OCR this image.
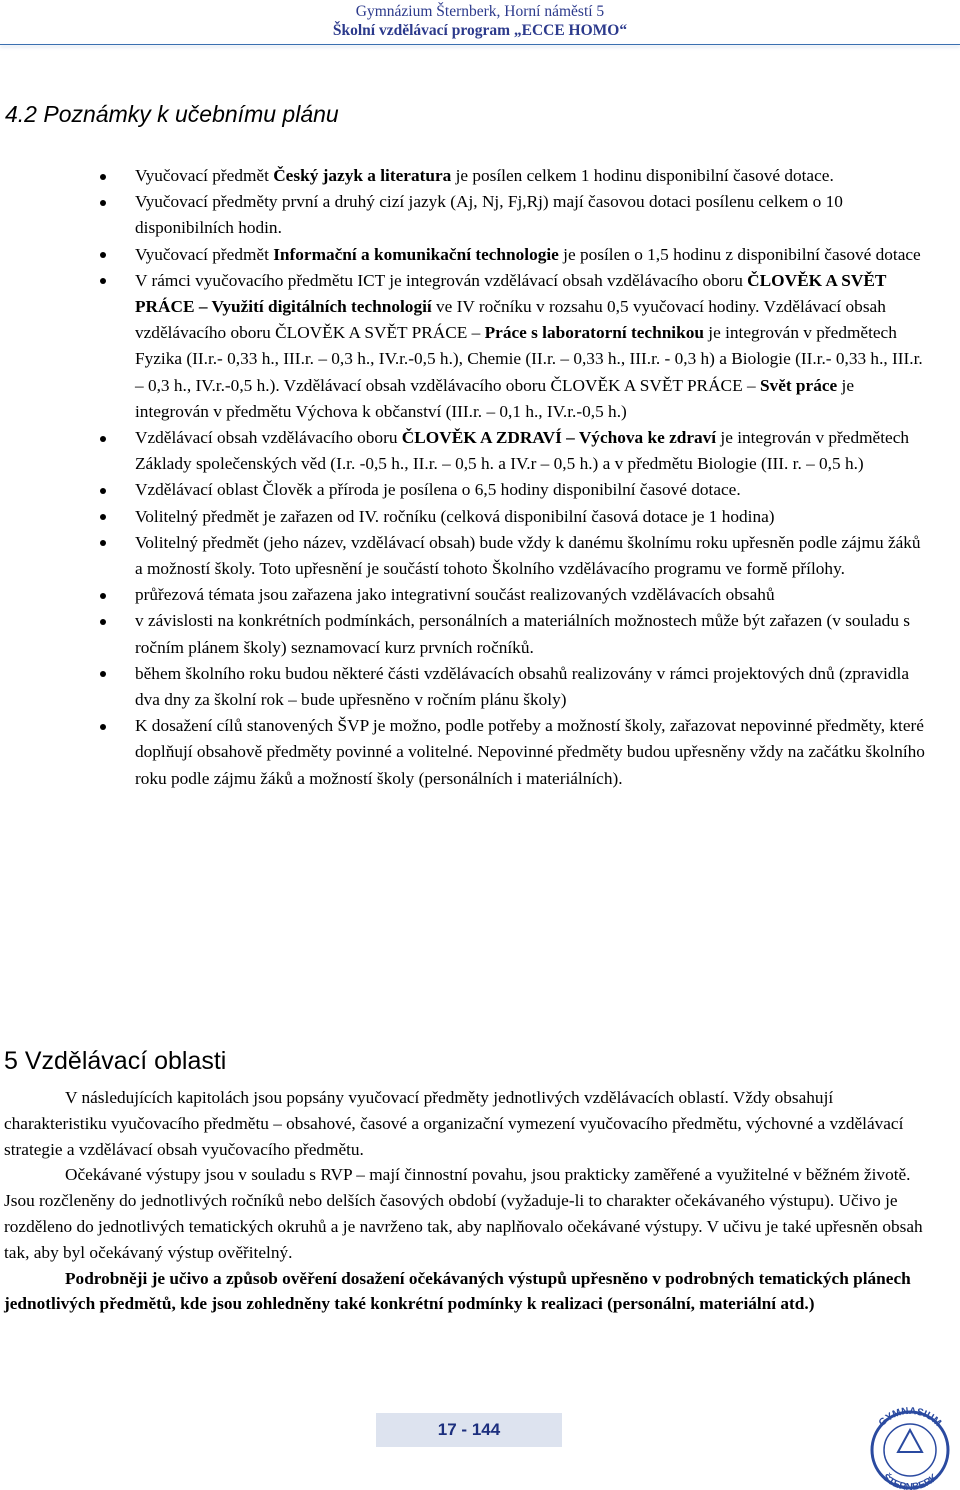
Gymnázium Šternberk, Horní náměstí 5
Školní vzdělávací program „ECCE HOMO“
4.2 Poznámky k učebnímu plánu
Vyučovací předmět Český jazyk a literatura je posílen celkem 1 hodinu disponibilní časové dotace.
Vyučovací předměty první a druhý cizí jazyk (Aj, Nj, Fj,Rj) mají časovou dotaci posílenu celkem o 10 disponibilních hodin.
Vyučovací předmět Informační a komunikační technologie je posílen o 1,5 hodinu z disponibilní časové dotace
V rámci vyučovacího předmětu ICT je integrován vzdělávací obsah vzdělávacího oboru ČLOVĚK A SVĚT PRÁCE – Využití digitálních technologií ve IV ročníku v rozsahu 0,5 vyučovací hodiny. Vzdělávací obsah vzdělávacího oboru ČLOVĚK A SVĚT PRÁCE – Práce s laboratorní technikou je integrován v předmětech Fyzika (II.r.- 0,33 h., III.r. – 0,3 h., IV.r.-0,5 h.), Chemie (II.r. – 0,33 h., III.r. - 0,3 h) a Biologie (II.r.- 0,33 h., III.r. – 0,3 h., IV.r.-0,5 h.). Vzdělávací obsah vzdělávacího oboru ČLOVĚK A SVĚT PRÁCE – Svět práce je integrován v předmětu Výchova k občanství (III.r. – 0,1 h., IV.r.-0,5 h.)
Vzdělávací obsah vzdělávacího oboru ČLOVĚK A ZDRAVÍ – Výchova ke zdraví je integrován v předmětech Základy společenských věd (I.r. -0,5 h., II.r. – 0,5 h. a IV.r – 0,5 h.) a v předmětu Biologie (III. r. – 0,5 h.)
Vzdělávací oblast Člověk a příroda je posílena o 6,5 hodiny disponibilní časové dotace.
Volitelný předmět je zařazen od IV. ročníku (celková disponibilní časová dotace je 1 hodina)
Volitelný předmět (jeho název, vzdělávací obsah) bude vždy k danému školnímu roku upřesněn podle zájmu žáků a možností školy. Toto upřesnění je součástí tohoto Školního vzdělávacího programu ve formě přílohy.
průřezová témata jsou zařazena jako integrativní součást realizovaných vzdělávacích obsahů
v závislosti na konkrétních podmínkách, personálních a materiálních možnostech může být zařazen (v souladu s ročním plánem školy) seznamovací kurz prvních ročníků.
během školního roku budou některé části vzdělávacích obsahů realizovány v rámci projektových dnů (zpravidla dva dny za školní rok – bude upřesněno v ročním plánu školy)
K dosažení cílů stanovených ŠVP je možno, podle potřeby a možností školy, zařazovat nepovinné předměty, které doplňují obsahově předměty povinné a volitelné. Nepovinné předměty budou upřesněny vždy na začátku školního roku podle zájmu žáků a možností školy (personálních i materiálních).
5 Vzdělávací oblasti

V následujících kapitolách jsou popsány vyučovací předměty jednotlivých vzdělávacích oblastí. Vždy obsahují charakteristiku vyučovacího předmětu – obsahové, časové a organizační vymezení vyučovacího předmětu, výchovné a vzdělávací strategie a vzdělávací obsah vyučovacího předmětu.

Očekávané výstupy jsou v souladu s RVP – mají činnostní povahu, jsou prakticky zaměřené a využitelné v běžném životě. Jsou rozčleněny do jednotlivých ročníků nebo delších časových období (vyžaduje-li to charakter očekávaného výstupu). Učivo je rozděleno do jednotlivých tematických okruhů a je navrženo tak, aby naplňovalo očekávané výstupy. V učivu je také upřesněn obsah tak, aby byl očekávaný výstup ověřitelný.

Podrobněji je učivo a způsob ověření dosažení očekávaných výstupů upřesněno v podrobných tematických plánech jednotlivých předmětů, kde jsou zohledněny také konkrétní podmínky k realizaci (personální, materiální atd.)

17 - 144	GYMNASIUM
ŠTERNBERK
